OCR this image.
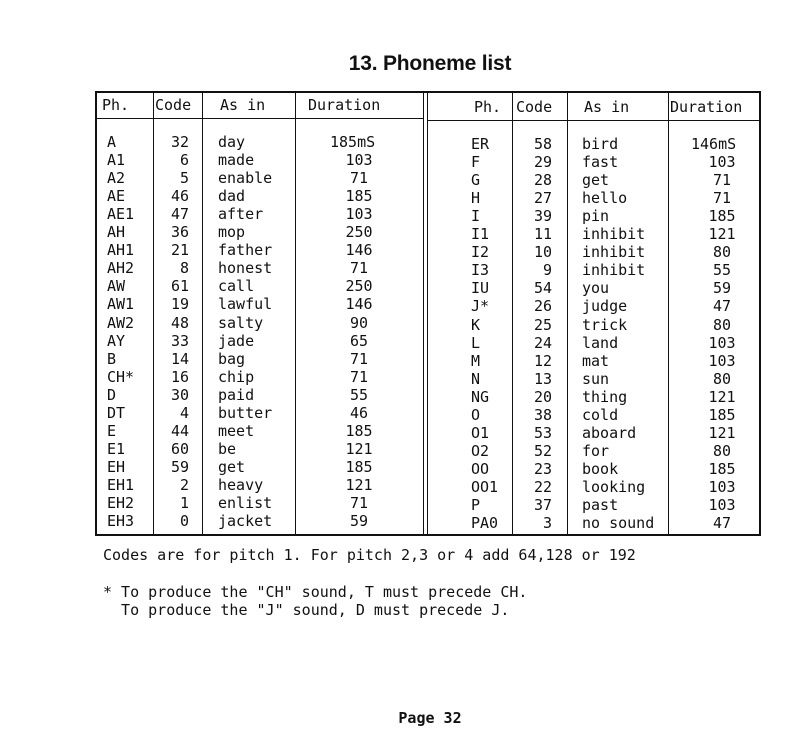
13. Phoneme list
Ph. Code As in	Duration	Ph. Code As in	Duration
A	32 day	185mS
A1	6 made	103
A2	5 enable	71
AE	46 dad	185
AE1	47 after	103
AH	36 mop	250
AH1	21 father	146
AH2	8 honest	71
AW	61 call	250
AW1	19 lawful	146
AW2	48 salty	90
AY	33 jade	65
B	14 bag	71
CH*	16 chip	71
D	30 paid	55
DT	4 butter	46
E	44 meet	185
E1	60 be	121
EH	59 get	185
EH1	2 heavy	121
EH2	1 enlist	71
EH3	0 jacket	59
ER	58 bird	146mS
F	29 fast	103
G	28 get	71
H	27 hello	71
I	39 pin	185
I1	11 inhibit	121
I2	10 inhibit	80
I3	9 inhibit	55
IU	54 you	59
J*	26 judge	47
K	25 trick	80
L	24 land	103
M	12 mat	103
N	13 sun	80
NG	20 thing	121
O	38 cold	185
O1	53 aboard	121
O2	52 for	80
OO	23 book	185
OO1	22 looking	103
P	37 past	103
PA0	3 no sound	47
Codes are for pitch 1. For pitch 2,3 or 4 add 64,128 or 192
* To produce the "CH" sound, T must precede CH.
To produce the "J" sound, D must precede J.
Page 32
